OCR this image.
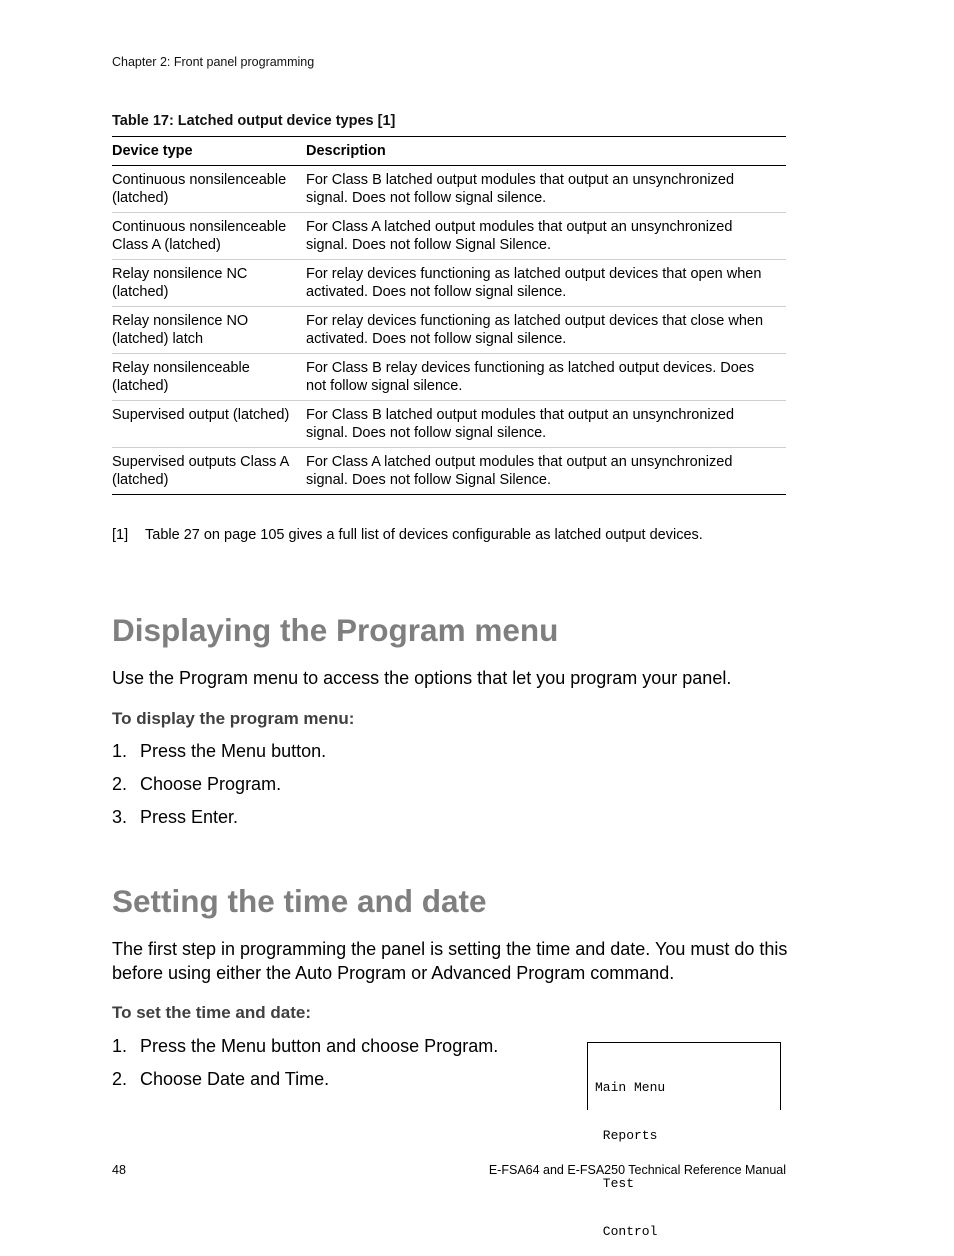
Chapter 2: Front panel programming
Table 17: Latched output device types [1]
Device type	Description
Continuous nonsilenceable (latched)	For Class B latched output modules that output an unsynchronized signal. Does not follow signal silence.
Continuous nonsilenceable Class A (latched)	For Class A latched output modules that output an unsynchronized signal. Does not follow Signal Silence.
Relay nonsilence NC (latched)	For relay devices functioning as latched output devices that open when activated. Does not follow signal silence.
Relay nonsilence NO (latched) latch	For relay devices functioning as latched output devices that close when activated. Does not follow signal silence.
Relay nonsilenceable (latched)	For Class B relay devices functioning as latched output devices. Does not follow signal silence.
Supervised output (latched)	For Class B latched output modules that output an unsynchronized signal. Does not follow signal silence.
Supervised outputs Class A (latched)	For Class A latched output modules that output an unsynchronized signal. Does not follow Signal Silence.
[1]	Table 27 on page 105 gives a full list of devices configurable as latched output devices.
Displaying the Program menu

Use the Program menu to access the options that let you program your panel.

To display the program menu:

1. Press the Menu button.
2. Choose Program.
3. Press Enter.
Setting the time and date

The first step in programming the panel is setting the time and date. You must do this before using either the Auto Program or Advanced Program command.

To set the time and date:

1. Press the Menu button and choose Program.
2. Choose Date and Time.

	Main Menu

Reports

Test

Control

48	E-FSA64 and E-FSA250 Technical Reference Manual
